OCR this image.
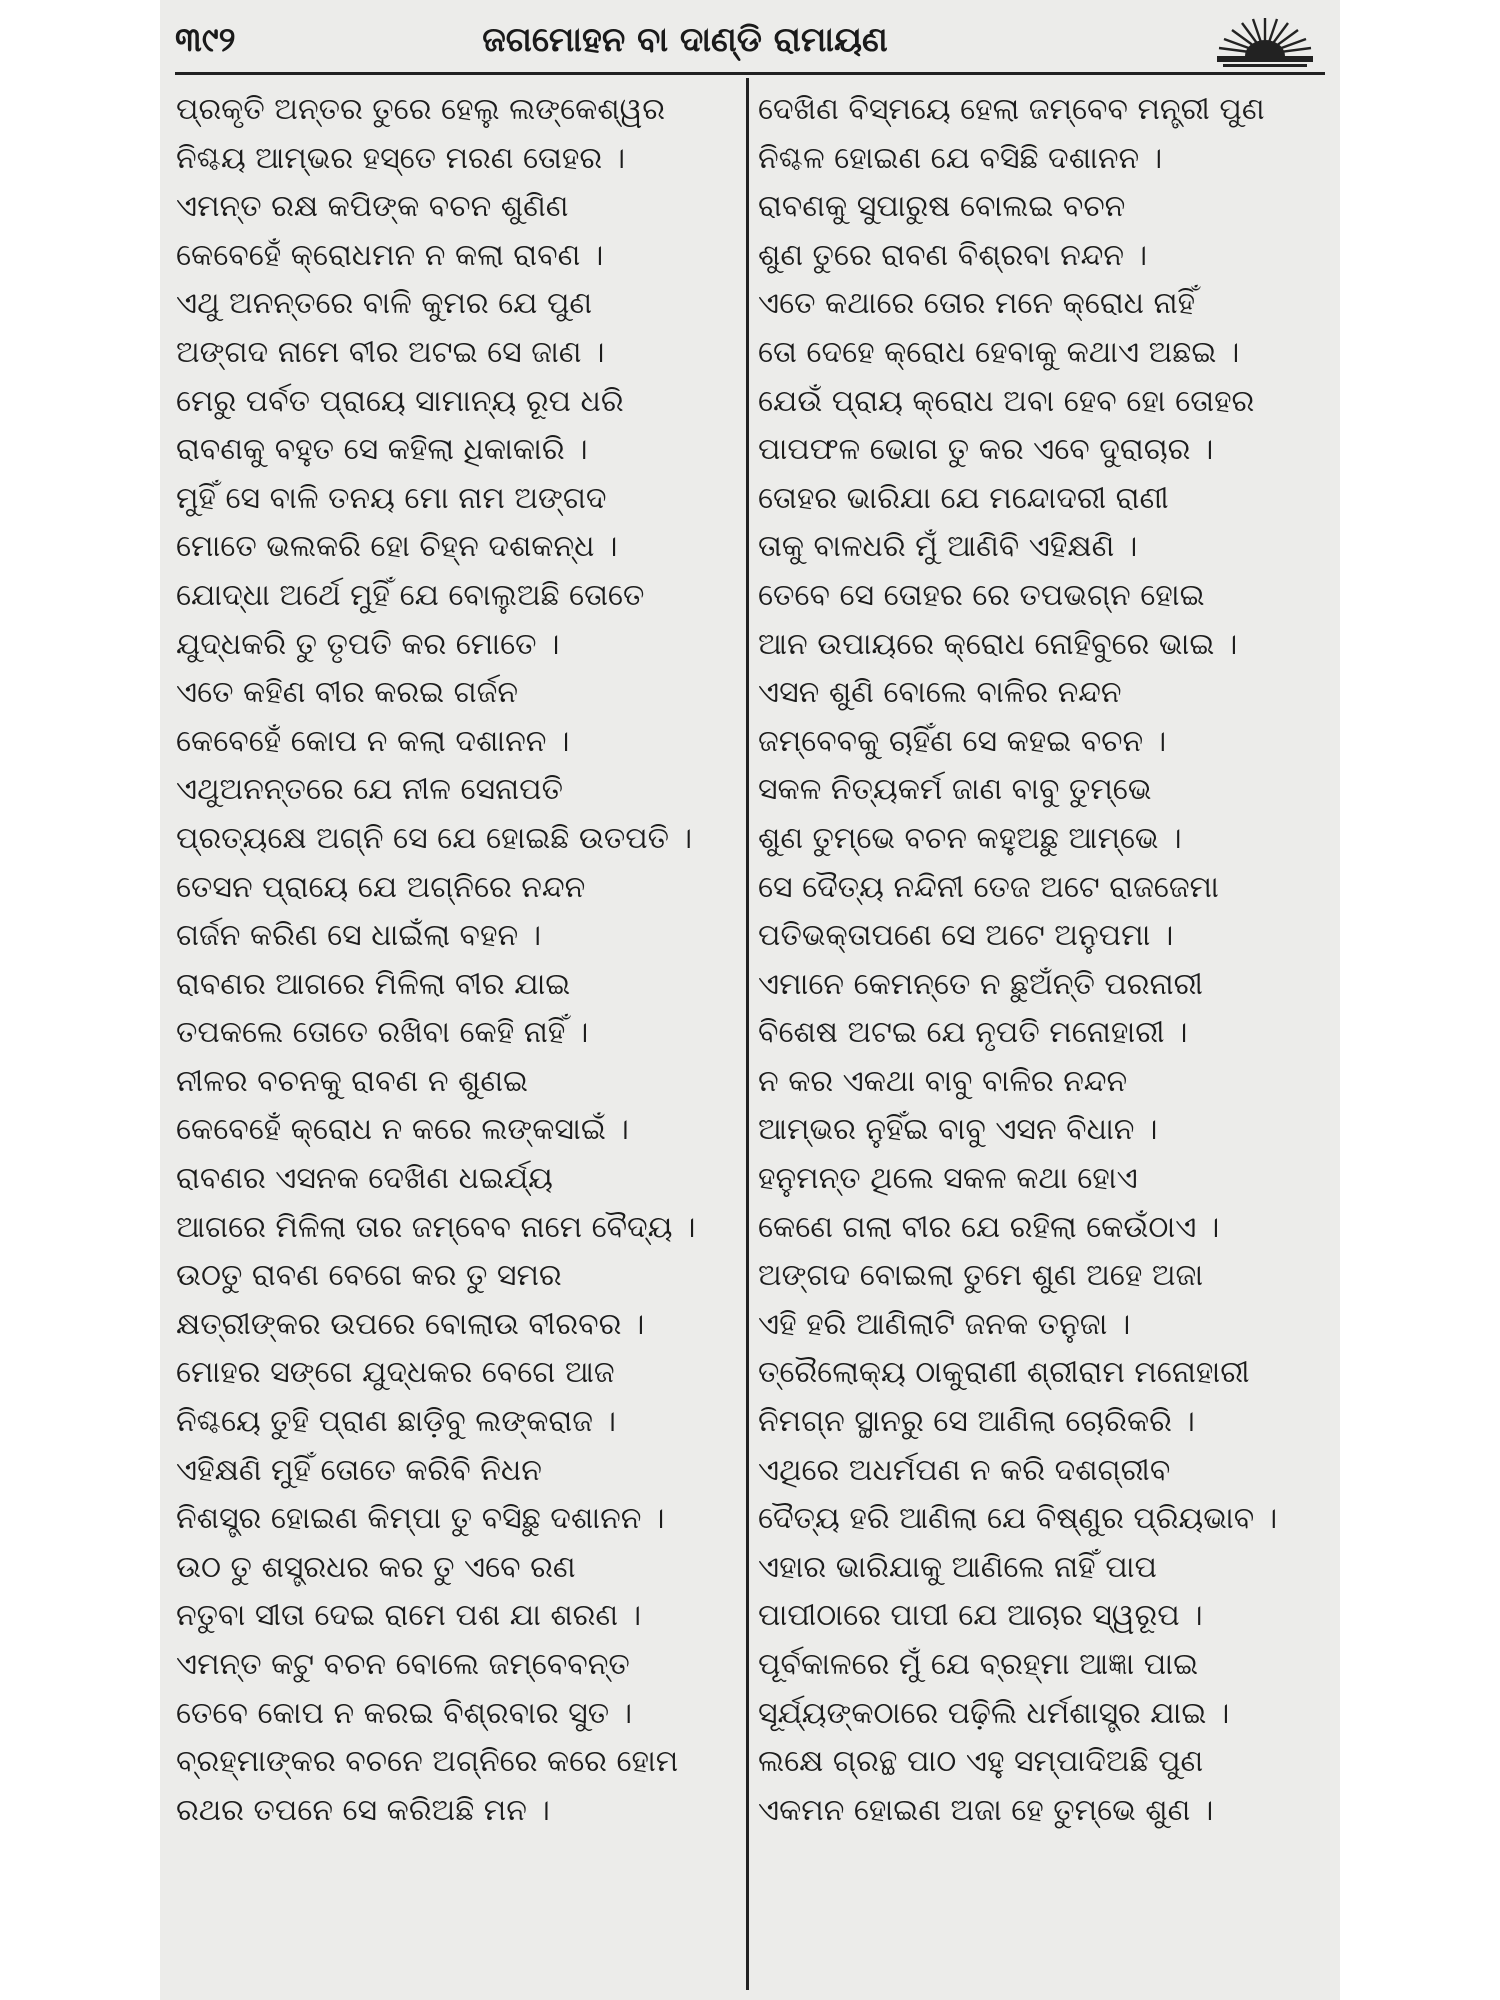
୩୯୨	ଜଗମୋହନ ବା ଦାଣ୍ଡି ରାମାୟଣ
ପ୍ରକୃତି ଅନ୍ତର ତୁରେ ହେଲୁ ଲଙ୍କେଶ୍ୱର
ନିଶ୍ଚୟ ଆମ୍ଭର ହସ୍ତେ ମରଣ ତୋହର ।
ଏମନ୍ତ ରକ୍ଷ କପିଙ୍କ ବଚନ ଶୁଣିଣ
କେବେହେଁ କ୍ରୋଧମନ ନ କଲା ରାବଣ ।
ଏଥୁ ଅନନ୍ତରେ ବାଳି କୁମର ଯେ ପୁଣ
ଅଙ୍ଗଦ ନାମେ ବୀର ଅଟଇ ସେ ଜାଣ ।
ମେରୁ ପର୍ବତ ପ୍ରାୟେ ସାମାନ୍ୟ ରୂପ ଧରି
ରାବଣକୁ ବହୁତ ସେ କହିଲା ଧିକାକାରି ।
ମୁହିଁ ସେ ବାଳି ତନୟ ମୋ ନାମ ଅଙ୍ଗଦ
ମୋତେ ଭଲକରି ହୋ ଚିହ୍ନ ଦଶକନ୍ଧ ।
ଯୋଦ୍ଧା ଅର୍ଥେ ମୁହିଁ ଯେ ବୋଲୁଅଛି ତୋତେ
ଯୁଦ୍ଧକରି ତୁ ତୃପତି କର ମୋତେ ।
ଏତେ କହିଣ ବୀର କରଇ ଗର୍ଜନ
କେବେହେଁ କୋପ ନ କଲା ଦଶାନନ ।
ଏଥୁଅନନ୍ତରେ ଯେ ନୀଳ ସେନାପତି
ପ୍ରତ୍ୟକ୍ଷେ ଅଗ୍ନି ସେ ଯେ ହୋଇଛି ଉତପତି ।
ତେସନ ପ୍ରାୟେ ଯେ ଅଗ୍ନିରେ ନନ୍ଦନ
ଗର୍ଜନ କରିଣ ସେ ଧାଇଁଲା ବହନ ।
ରାବଣର ଆଗରେ ମିଳିଲା ବୀର ଯାଇ
ତପକଲେ ତୋତେ ରଖିବା କେହି ନାହିଁ ।
ନୀଳର ବଚନକୁ ରାବଣ ନ ଶୁଣଇ
କେବେହେଁ କ୍ରୋଧ ନ କରେ ଲଙ୍କସାଇଁ ।
ରାବଣର ଏସନକ ଦେଖିଣ ଧଇର୍ଯ୍ୟ
ଆଗରେ ମିଳିଲା ତାର ଜମ୍ବେବ ନାମେ ବୈଦ୍ୟ ।
ଉଠତୁ ରାବଣ ବେଗେ କର ତୁ ସମର
କ୍ଷତ୍ରୀଙ୍କର ଉପରେ ବୋଲାଉ ବୀରବର ।
ମୋହର ସଙ୍ଗେ ଯୁଦ୍ଧକର ବେଗେ ଆଜ
ନିଶ୍ଚୟେ ତୁହି ପ୍ରାଣ ଛାଡ଼ିବୁ ଲଙ୍କରାଜ ।
ଏହିକ୍ଷଣି ମୁହିଁ ତୋତେ କରିବି ନିଧନ
ନିଶସ୍ତ୍ର ହୋଇଣ କିମ୍ପା ତୁ ବସିଛୁ ଦଶାନନ ।
ଉଠ ତୁ ଶସ୍ତ୍ରଧର କର ତୁ ଏବେ ରଣ
ନତୁବା ସୀତା ଦେଇ ରାମେ ପଶ ଯା ଶରଣ ।
ଏମନ୍ତ କଟୁ ବଚନ ବୋଲେ ଜମ୍ବେବନ୍ତ
ତେବେ କୋପ ନ କରଇ ବିଶ୍ରବାର ସୁତ ।
ବ୍ରହ୍ମାଙ୍କର ବଚନେ ଅଗ୍ନିରେ କରେ ହୋମ
ରଥର ତପନେ ସେ କରିଅଛି ମନ ।
ଦେଖିଣ ବିସ୍ମୟେ ହେଲା ଜମ୍ବେବ ମନ୍ତ୍ରୀ ପୁଣ
ନିଶ୍ଚଳ ହୋଇଣ ଯେ ବସିଛି ଦଶାନନ ।
ରାବଣକୁ ସୁପାରୁଷ ବୋଲଇ ବଚନ
ଶୁଣ ତୁରେ ରାବଣ ବିଶ୍ରବା ନନ୍ଦନ ।
ଏତେ କଥାରେ ତୋର ମନେ କ୍ରୋଧ ନାହିଁ
ତୋ ଦେହେ କ୍ରୋଧ ହେବାକୁ କଥାଏ ଅଛଇ ।
ଯେଉଁ ପ୍ରାୟ କ୍ରୋଧ ଅବା ହେବ ହୋ ତୋହର
ପାପଫଳ ଭୋଗ ତୁ କର ଏବେ ଦୁରାଚାର ।
ତୋହର ଭାରିଯା ଯେ ମନ୍ଦୋଦରୀ ରାଣୀ
ତାକୁ ବାଳଧରି ମୁଁ ଆଣିବି ଏହିକ୍ଷଣି ।
ତେବେ ସେ ତୋହର ରେ ତପଭଗ୍ନ ହୋଇ
ଆନ ଉପାୟରେ କ୍ରୋଧ ନୋହିବୁରେ ଭାଇ ।
ଏସନ ଶୁଣି ବୋଲେ ବାଳିର ନନ୍ଦନ
ଜମ୍ବେବକୁ ଚାହିଁଣ ସେ କହଇ ବଚନ ।
ସକଳ ନିତ୍ୟକର୍ମ ଜାଣ ବାବୁ ତୁମ୍ଭେ
ଶୁଣ ତୁମ୍ଭେ ବଚନ କହୁଅଛୁ ଆମ୍ଭେ ।
ସେ ଦୈତ୍ୟ ନନ୍ଦିନୀ ତେଜ ଅଟେ ରାଜଜେମା
ପତିଭକ୍ତାପଣେ ସେ ଅଟେ ଅନୁପମା ।
ଏମାନେ କେମନ୍ତେ ନ ଛୁଅଁନ୍ତି ପରନାରୀ
ବିଶେଷ ଅଟଇ ଯେ ନୃପତି ମନୋହାରୀ ।
ନ କର ଏକଥା ବାବୁ ବାଳିର ନନ୍ଦନ
ଆମ୍ଭର ନୁହିଁଇ ବାବୁ ଏସନ ବିଧାନ ।
ହନୁମନ୍ତ ଥିଲେ ସକଳ କଥା ହୋଏ
କେଣେ ଗଲା ବୀର ଯେ ରହିଲା କେଉଁଠାଏ ।
ଅଙ୍ଗଦ ବୋଇଲା ତୁମେ ଶୁଣ ଅହେ ଅଜା
ଏହି ହରି ଆଣିଲାଟି ଜନକ ତନୁଜା ।
ତ୍ରୈଲୋକ୍ୟ ଠାକୁରାଣୀ ଶ୍ରୀରାମ ମନୋହାରୀ
ନିମଗ୍ନ ସ୍ଥାନରୁ ସେ ଆଣିଲା ଚୋରିକରି ।
ଏଥିରେ ଅଧର୍ମପଣ ନ କରି ଦଶଗ୍ରୀବ
ଦୈତ୍ୟ ହରି ଆଣିଲା ଯେ ବିଷ୍ଣୁର ପ୍ରିୟଭାବ ।
ଏହାର ଭାରିଯାକୁ ଆଣିଲେ ନାହିଁ ପାପ
ପାପୀଠାରେ ପାପୀ ଯେ ଆଚାର ସ୍ୱରୂପ ।
ପୂର୍ବକାଳରେ ମୁଁ ଯେ ବ୍ରହ୍ମା ଆଜ୍ଞା ପାଇ
ସୂର୍ଯ୍ୟଙ୍କଠାରେ ପଢ଼ିଲି ଧର୍ମଶାସ୍ତ୍ର ଯାଇ ।
ଲକ୍ଷେ ଗ୍ରନ୍ଥ ପାଠ ଏହୁ ସମ୍ପାଦିଅଛି ପୁଣ
ଏକମନ ହୋଇଣ ଅଜା ହେ ତୁମ୍ଭେ ଶୁଣ ।
